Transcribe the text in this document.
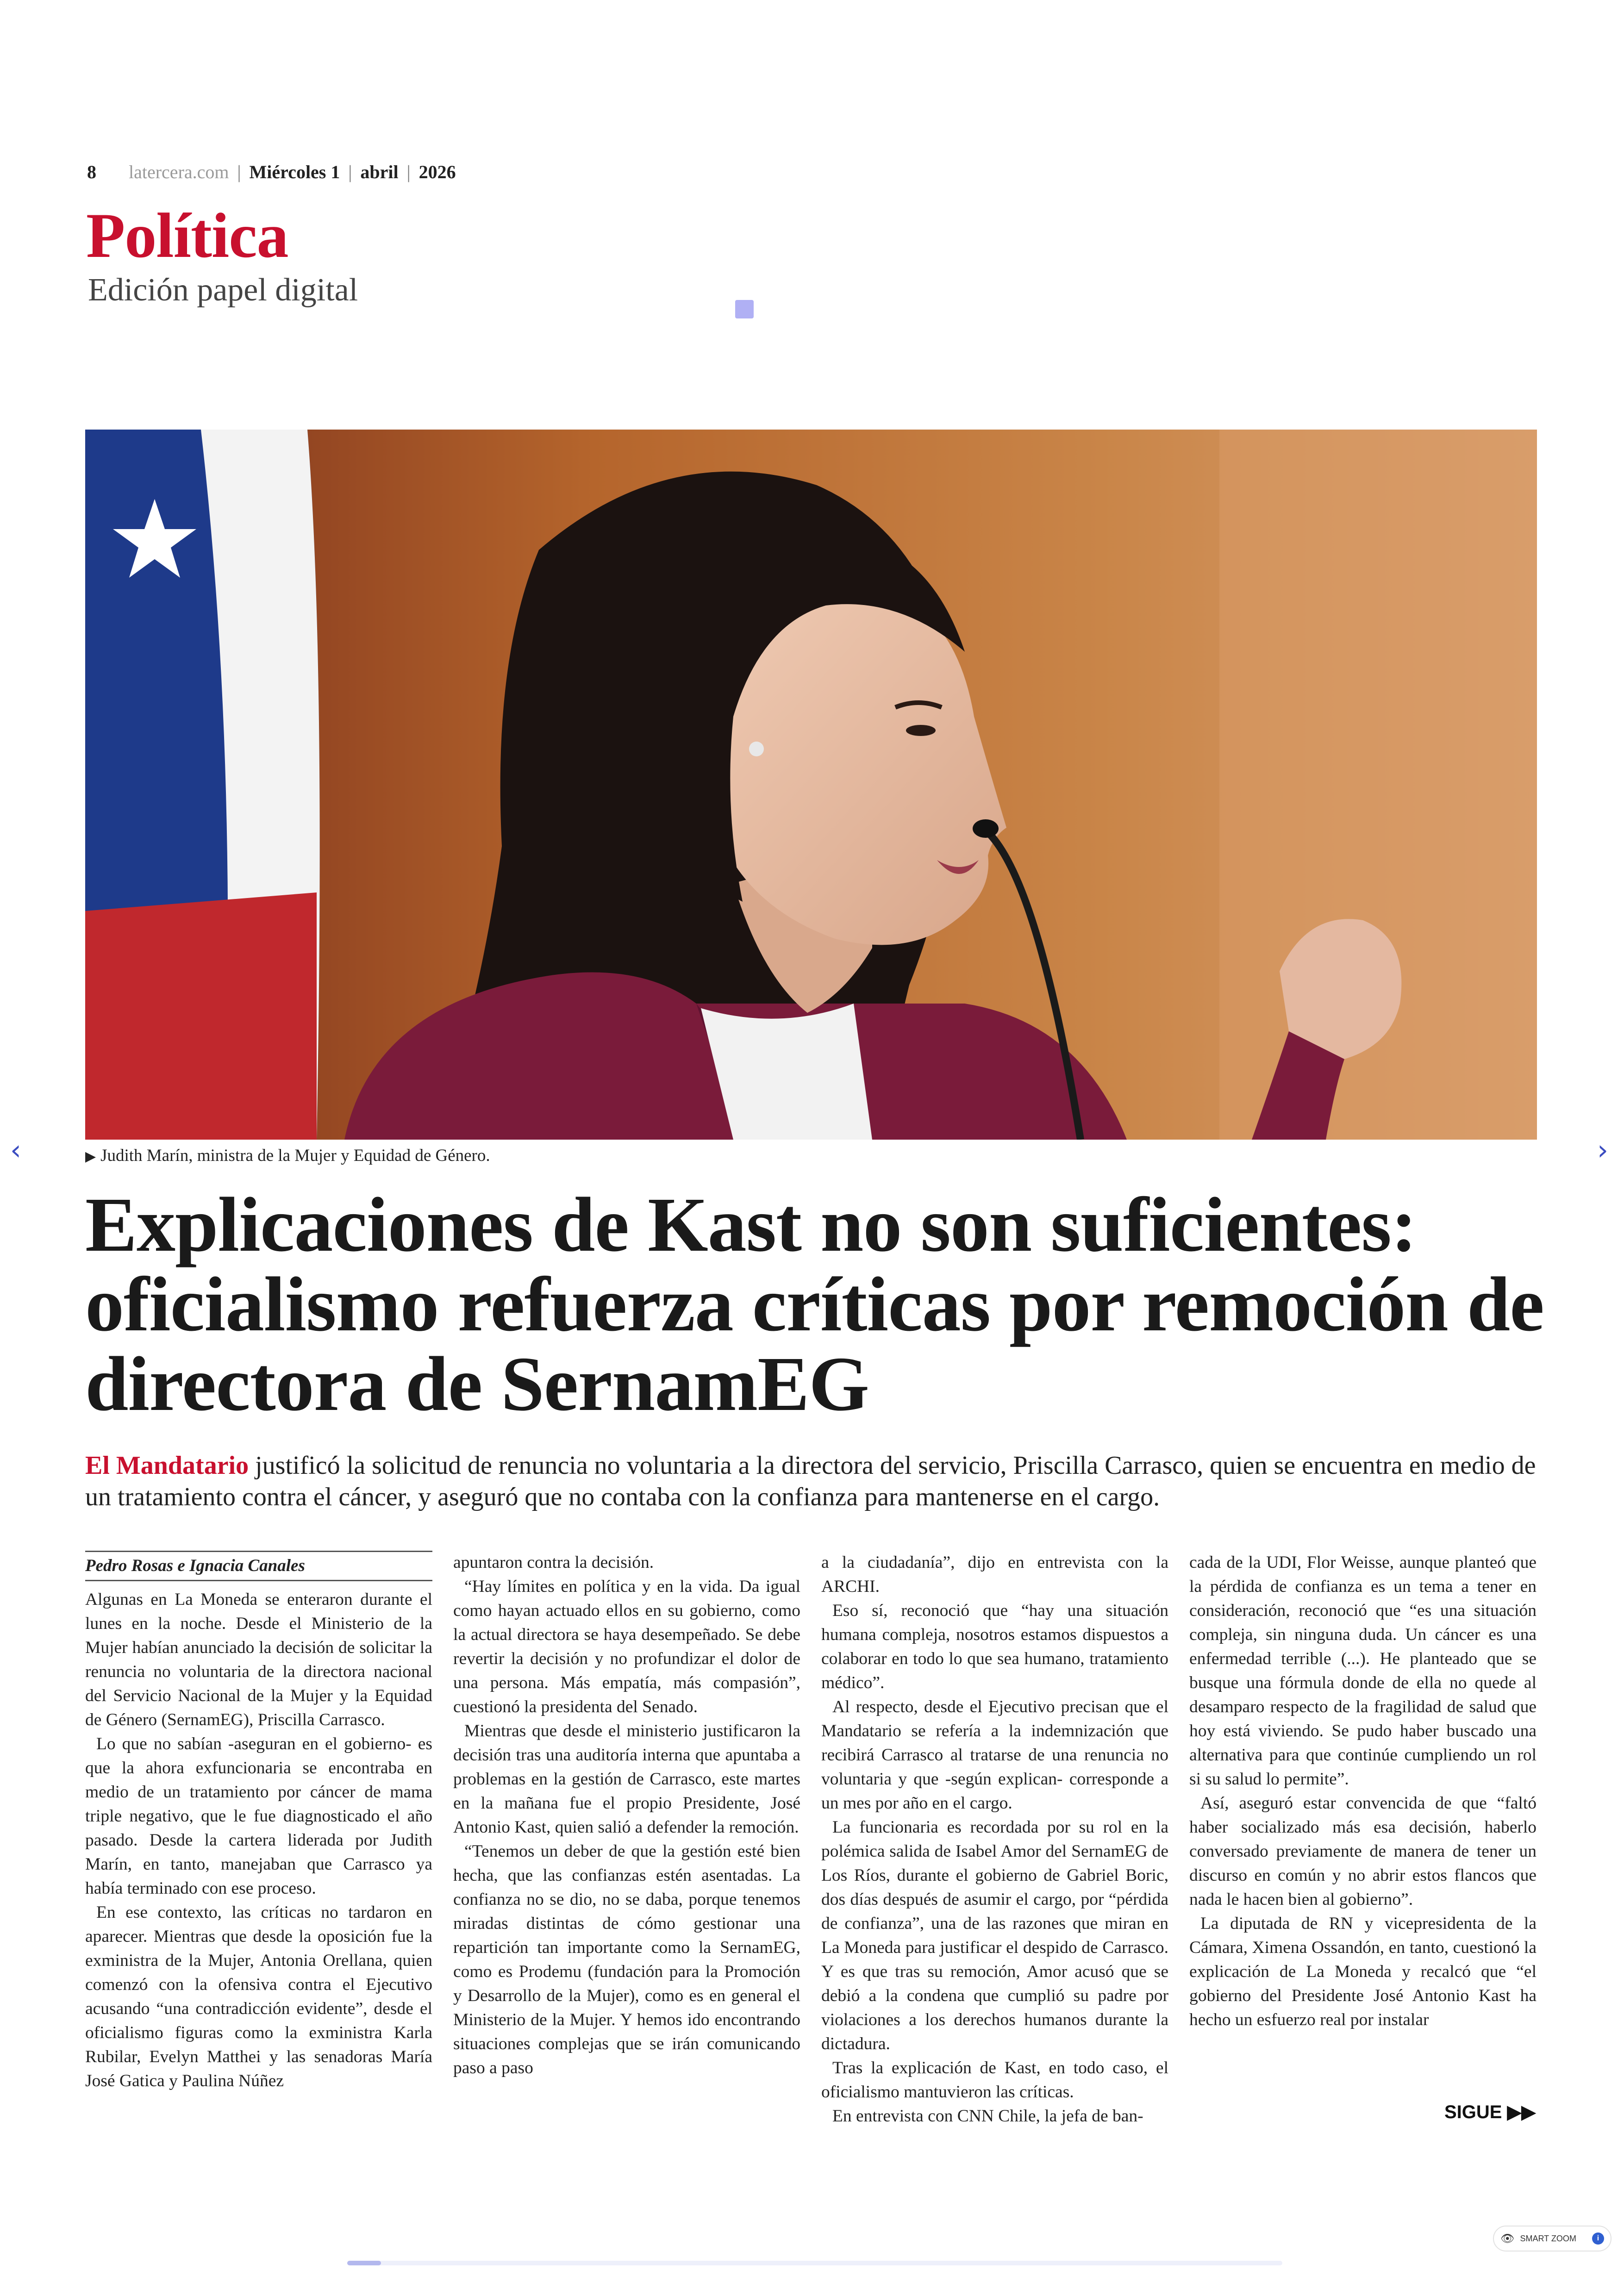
8 latercera.com | Miércoles 1 | abril | 2026
Política
Edición papel digital
▶ Judith Marín, ministra de la Mujer y Equidad de Género.
Explicaciones de Kast no son suficientes: oficialismo refuerza críticas por remoción de directora de SernamEG

El Mandatario justificó la solicitud de renuncia no voluntaria a la directora del servicio, Priscilla Carrasco, quien se encuentra en medio de un tratamiento contra el cáncer, y aseguró que no contaba con la confianza para mantenerse en el cargo.

Pedro Rosas e Ignacia Canales

Algunas en La Moneda se enteraron durante el lunes en la noche. Desde el Ministerio de la Mujer habían anunciado la decisión de solicitar la renuncia no voluntaria de la directora nacional del Servicio Nacional de la Mujer y la Equidad de Género (SernamEG), Priscilla Carrasco.

Lo que no sabían -aseguran en el gobierno- es que la ahora exfuncionaria se encontraba en medio de un tratamiento por cáncer de mama triple negativo, que le fue diagnosticado el año pasado. Desde la cartera liderada por Judith Marín, en tanto, manejaban que Carrasco ya había terminado con ese proceso.

En ese contexto, las críticas no tardaron en aparecer. Mientras que desde la oposición fue la exministra de la Mujer, Antonia Orellana, quien comenzó con la ofensiva contra el Ejecutivo acusando “una contradicción evidente”, desde el oficialismo figuras como la exministra Karla Rubilar, Evelyn Matthei y las senadoras María José Gatica y Paulina Núñez

apuntaron contra la decisión.

“Hay límites en política y en la vida. Da igual como hayan actuado ellos en su gobierno, como la actual directora se haya desempeñado. Se debe revertir la decisión y no profundizar el dolor de una persona. Más empatía, más compasión”, cuestionó la presidenta del Senado.

Mientras que desde el ministerio justificaron la decisión tras una auditoría interna que apuntaba a problemas en la gestión de Carrasco, este martes en la mañana fue el propio Presidente, José Antonio Kast, quien salió a defender la remoción.

“Tenemos un deber de que la gestión esté bien hecha, que las confianzas estén asentadas. La confianza no se dio, no se daba, porque tenemos miradas distintas de cómo gestionar una repartición tan importante como la SernamEG, como es Prodemu (fundación para la Promoción y Desarrollo de la Mujer), como es en general el Ministerio de la Mujer. Y hemos ido encontrando situaciones complejas que se irán comunicando paso a paso

a la ciudadanía”, dijo en entrevista con la ARCHI.

Eso sí, reconoció que “hay una situación humana compleja, nosotros estamos dispuestos a colaborar en todo lo que sea humano, tratamiento médico”.

Al respecto, desde el Ejecutivo precisan que el Mandatario se refería a la indemnización que recibirá Carrasco al tratarse de una renuncia no voluntaria y que -según explican- corresponde a un mes por año en el cargo.

La funcionaria es recordada por su rol en la polémica salida de Isabel Amor del SernamEG de Los Ríos, durante el gobierno de Gabriel Boric, dos días después de asumir el cargo, por “pérdida de confianza”, una de las razones que miran en La Moneda para justificar el despido de Carrasco. Y es que tras su remoción, Amor acusó que se debió a la condena que cumplió su padre por violaciones a los derechos humanos durante la dictadura.

Tras la explicación de Kast, en todo caso, el oficialismo mantuvieron las críticas.

En entrevista con CNN Chile, la jefa de ban-

cada de la UDI, Flor Weisse, aunque planteó que la pérdida de confianza es un tema a tener en consideración, reconoció que “es una situación compleja, sin ninguna duda. Un cáncer es una enfermedad terrible (...). He planteado que se busque una fórmula donde de ella no quede al desamparo respecto de la fragilidad de salud que hoy está viviendo. Se pudo haber buscado una alternativa para que continúe cumpliendo un rol si su salud lo permite”.

Así, aseguró estar convencida de que “faltó haber socializado más esa decisión, haberlo conversado previamente de manera de tener un discurso en común y no abrir estos flancos que nada le hacen bien al gobierno”.

La diputada de RN y vicepresidenta de la Cámara, Ximena Ossandón, en tanto, cuestionó la explicación de La Moneda y recalcó que “el gobierno del Presidente José Antonio Kast ha hecho un esfuerzo real por instalar

SIGUE ▶▶
‹	›
👁 SMART ZOOM	i
